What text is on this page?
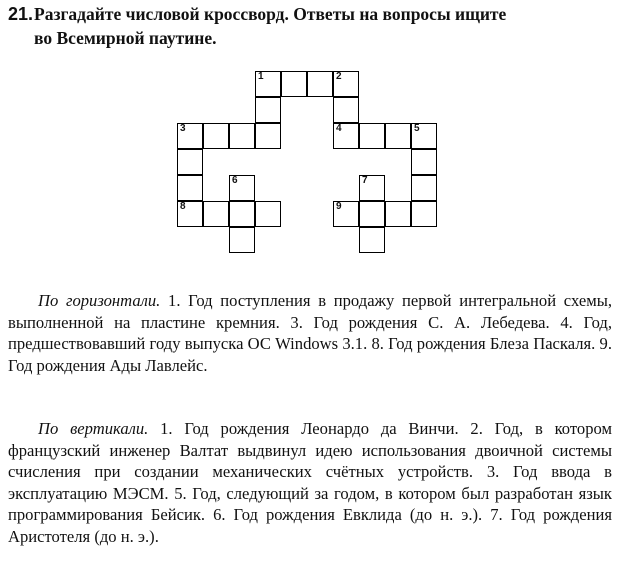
21.Разгадайте числовой кроссворд. Ответы на вопросы ищите
во Всемирной паутине.
1	2
3	4	5
6	7
8	9
По горизонтали. 1. Год поступления в продажу первой интегральной схемы, выполненной на пластине кремния. 3. Год рождения С. А. Лебедева. 4. Год, предшествовавший году выпуска ОС Windows 3.1. 8. Год рождения Блеза Паскаля. 9. Год рождения Ады Лавлейс.
По вертикали. 1. Год рождения Леонардо да Винчи. 2. Год, в котором французский инженер Валтат выдвинул идею использования двоичной системы счисления при создании механических счётных устройств. 3. Год ввода в эксплуатацию МЭСМ. 5. Год, следующий за годом, в котором был разработан язык программирования Бейсик. 6. Год рождения Евклида (до н. э.). 7. Год рождения Аристотеля (до н. э.).
